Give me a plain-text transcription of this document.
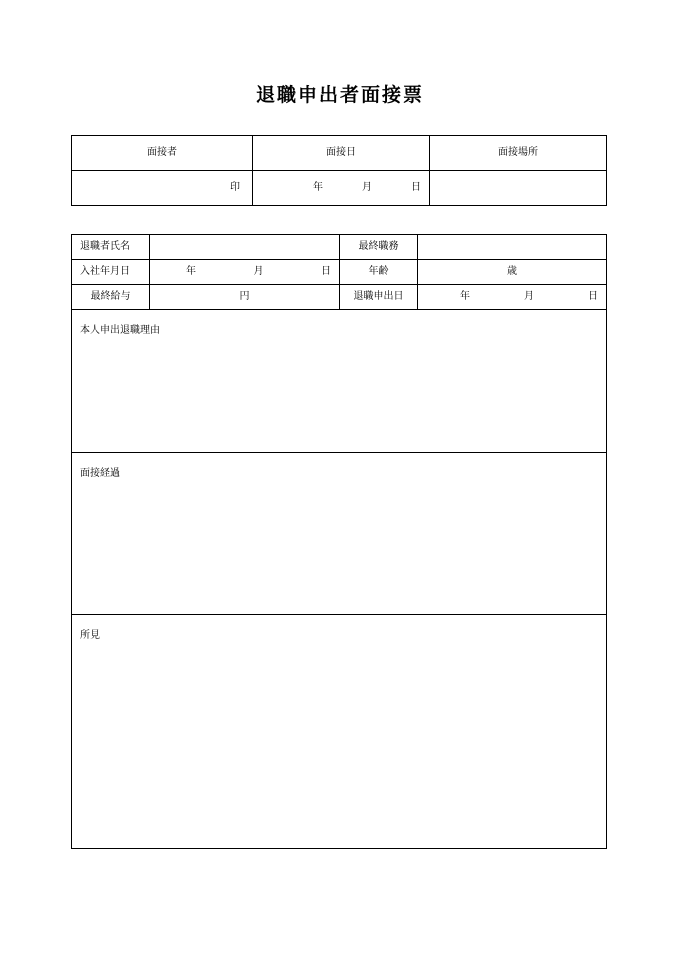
退職申出者面接票
面接者	面接日	面接場所
印	年 月 日	

退職者氏名		最終職務	
入社年月日	年 月 日	年齢	歳
最終給与	円	退職申出日	年 月 日

本人申出退職理由			

面接経過			

所見			
